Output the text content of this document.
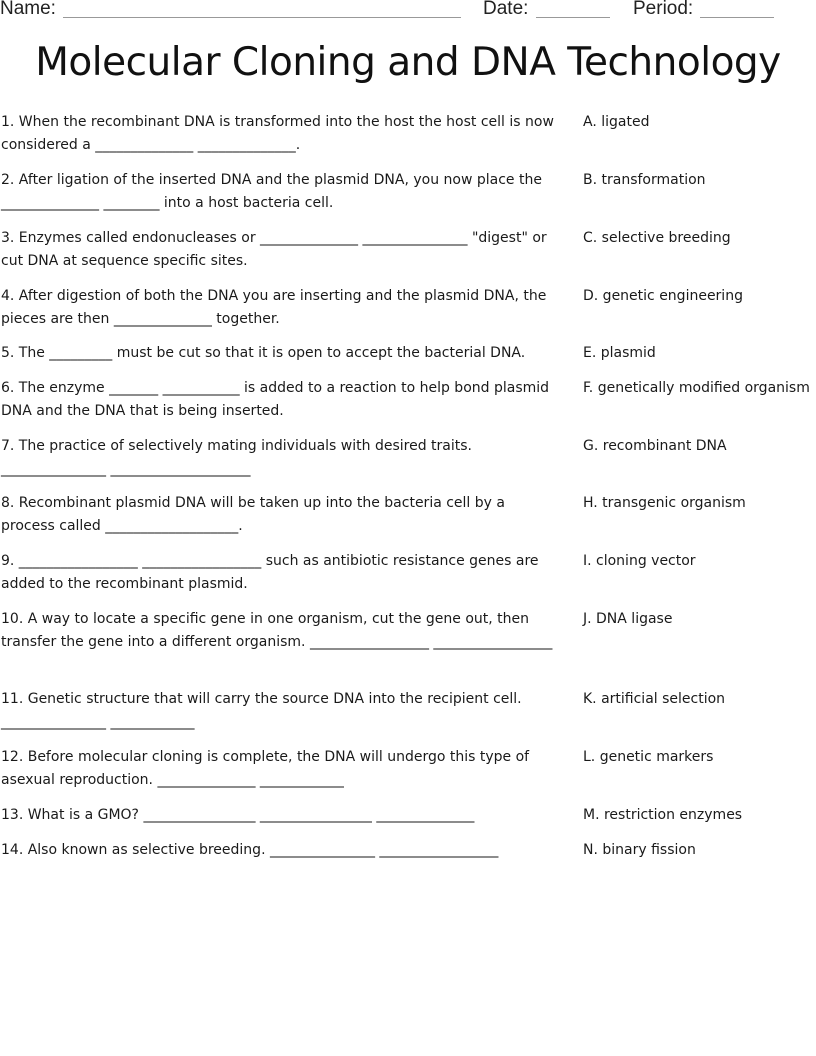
Name:	Date:	Period:
Molecular Cloning and DNA Technology
1. When the recombinant DNA is transformed into the host the host cell is now considered a ______________ ______________.
2. After ligation of the inserted DNA and the plasmid DNA, you now place the ______________ ________ into a host bacteria cell.
3. Enzymes called endonucleases or ______________ _______________ "digest" or cut DNA at sequence specific sites.
4. After digestion of both the DNA you are inserting and the plasmid DNA, the pieces are then ______________ together.
5. The _________ must be cut so that it is open to accept the bacterial DNA.
6. The enzyme _______ ___________ is added to a reaction to help bond plasmid DNA and the DNA that is being inserted.
7. The practice of selectively mating individuals with desired traits. _______________ ____________________
8. Recombinant plasmid DNA will be taken up into the bacteria cell by a process called ___________________.
9. _________________ _________________ such as antibiotic resistance genes are added to the recombinant plasmid.
10. A way to locate a specific gene in one organism, cut the gene out, then transfer the gene into a different organism. _________________ _________________
11. Genetic structure that will carry the source DNA into the recipient cell. _______________ ____________
12. Before molecular cloning is complete, the DNA will undergo this type of asexual reproduction. ______________ ____________
13. What is a GMO? ________________ ________________ ______________
14. Also known as selective breeding. _______________ _________________
A. ligated
B. transformation
C. selective breeding
D. genetic engineering
E. plasmid
F. genetically modified organism
G. recombinant DNA
H. transgenic organism
I. cloning vector
J. DNA ligase
K. artificial selection
L. genetic markers
M. restriction enzymes
N. binary fission
